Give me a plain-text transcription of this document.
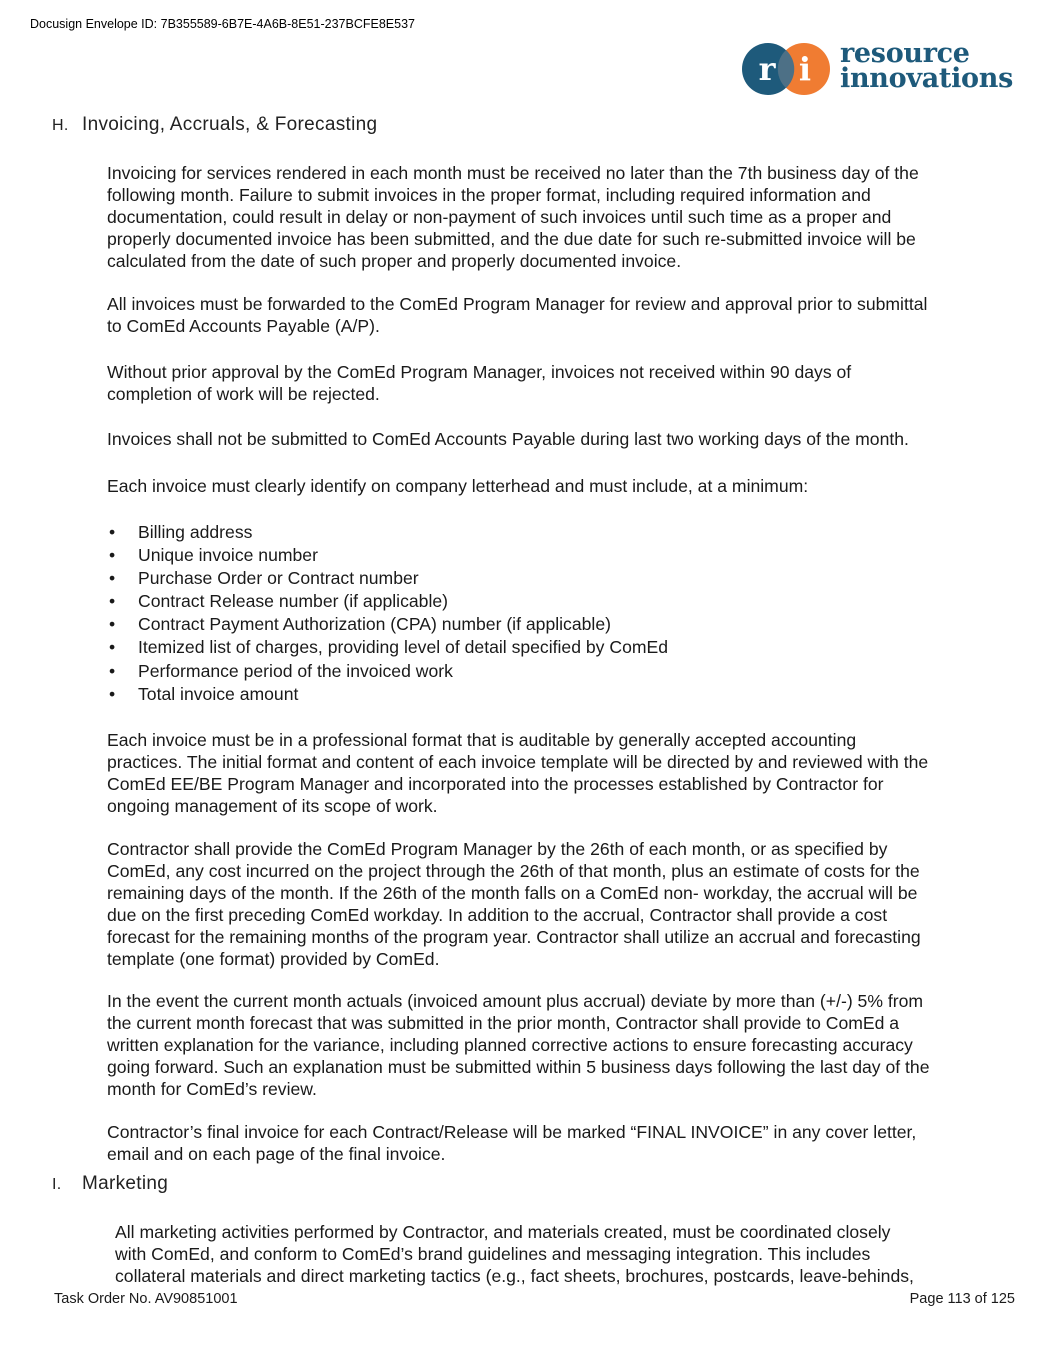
Docusign Envelope ID: 7B355589-6B7E-4A6B-8E51-237BCFE8E537
r i resource
innovations
H. Invoicing, Accruals, & Forecasting

Invoicing for services rendered in each month must be received no later than the 7th business day of the
following month. Failure to submit invoices in the proper format, including required information and
documentation, could result in delay or non-payment of such invoices until such time as a proper and
properly documented invoice has been submitted, and the due date for such re-submitted invoice will be
calculated from the date of such proper and properly documented invoice.

All invoices must be forwarded to the ComEd Program Manager for review and approval prior to submittal
to ComEd Accounts Payable (A/P).

Without prior approval by the ComEd Program Manager, invoices not received within 90 days of
completion of work will be rejected.

Invoices shall not be submitted to ComEd Accounts Payable during last two working days of the month.

Each invoice must clearly identify on company letterhead and must include, at a minimum:

• Billing address
• Unique invoice number
• Purchase Order or Contract number
• Contract Release number (if applicable)
• Contract Payment Authorization (CPA) number (if applicable)
• Itemized list of charges, providing level of detail specified by ComEd
• Performance period of the invoiced work
• Total invoice amount

Each invoice must be in a professional format that is auditable by generally accepted accounting
practices. The initial format and content of each invoice template will be directed by and reviewed with the
ComEd EE/BE Program Manager and incorporated into the processes established by Contractor for
ongoing management of its scope of work.

Contractor shall provide the ComEd Program Manager by the 26th of each month, or as specified by
ComEd, any cost incurred on the project through the 26th of that month, plus an estimate of costs for the
remaining days of the month. If the 26th of the month falls on a ComEd non- workday, the accrual will be
due on the first preceding ComEd workday. In addition to the accrual, Contractor shall provide a cost
forecast for the remaining months of the program year. Contractor shall utilize an accrual and forecasting
template (one format) provided by ComEd.

In the event the current month actuals (invoiced amount plus accrual) deviate by more than (+/-) 5% from
the current month forecast that was submitted in the prior month, Contractor shall provide to ComEd a
written explanation for the variance, including planned corrective actions to ensure forecasting accuracy
going forward. Such an explanation must be submitted within 5 business days following the last day of the
month for ComEd’s review.

Contractor’s final invoice for each Contract/Release will be marked “FINAL INVOICE” in any cover letter,
email and on each page of the final invoice.

I. Marketing

All marketing activities performed by Contractor, and materials created, must be coordinated closely
with ComEd, and conform to ComEd’s brand guidelines and messaging integration. This includes
collateral materials and direct marketing tactics (e.g., fact sheets, brochures, postcards, leave-behinds,

Task Order No. AV90851001	Page 113 of 125
